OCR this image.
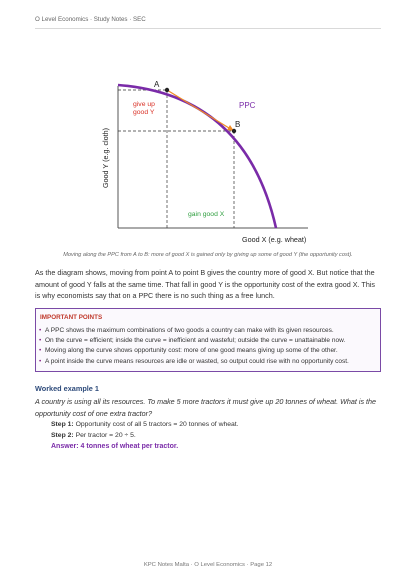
O Level Economics · Study Notes · SEC
A
B
PPC
give up
good Y
gain good X
Good X (e.g. wheat)
Good Y (e.g. cloth)
Moving along the PPC from A to B: more of good X is gained only by giving up some of good Y (the opportunity cost).
As the diagram shows, moving from point A to point B gives the country more of good X. But notice that the amount of good Y falls at the same time. That fall in good Y is the opportunity cost of the extra good X. This is why economists say that on a PPC there is no such thing as a free lunch.
IMPORTANT POINTS
• A PPC shows the maximum combinations of two goods a country can make with its given resources.
• On the curve = efficient; inside the curve = inefficient and wasteful; outside the curve = unattainable now.
• Moving along the curve shows opportunity cost: more of one good means giving up some of the other.
• A point inside the curve means resources are idle or wasted, so output could rise with no opportunity cost.
Worked example 1
A country is using all its resources. To make 5 more tractors it must give up 20 tonnes of wheat. What is the opportunity cost of one extra tractor?
Step 1: Opportunity cost of all 5 tractors = 20 tonnes of wheat.
Step 2: Per tractor = 20 ÷ 5.
Answer: 4 tonnes of wheat per tractor.
KPC Notes Malta · O Level Economics · Page 12
